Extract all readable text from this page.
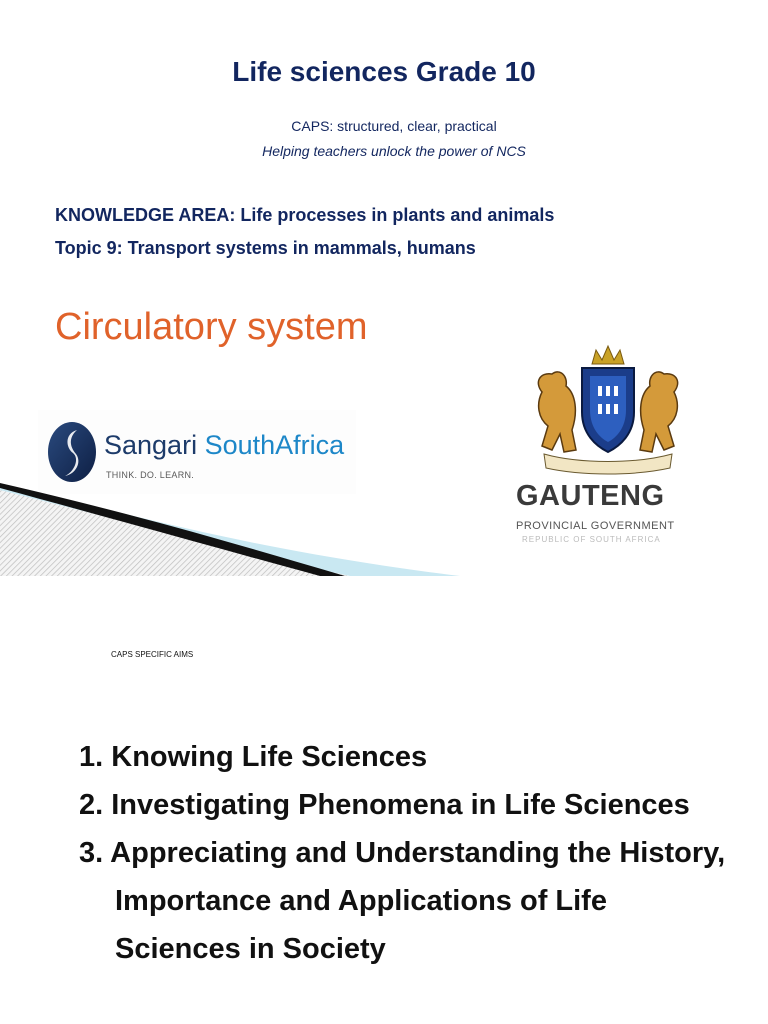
Life sciences Grade 10
CAPS: structured, clear, practical
Helping teachers unlock the power of NCS
KNOWLEDGE AREA: Life processes in plants and animals
Topic 9: Transport systems in mammals, humans
Circulatory system
Sangari SouthAfrica
THINK. DO. LEARN.
GAUTENG
PROVINCIAL GOVERNMENT
REPUBLIC OF SOUTH AFRICA
CAPS SPECIFIC AIMS
1. Knowing Life Sciences
2. Investigating Phenomena in Life Sciences
3. Appreciating and Understanding the History, Importance and Applications of Life Sciences in Society
